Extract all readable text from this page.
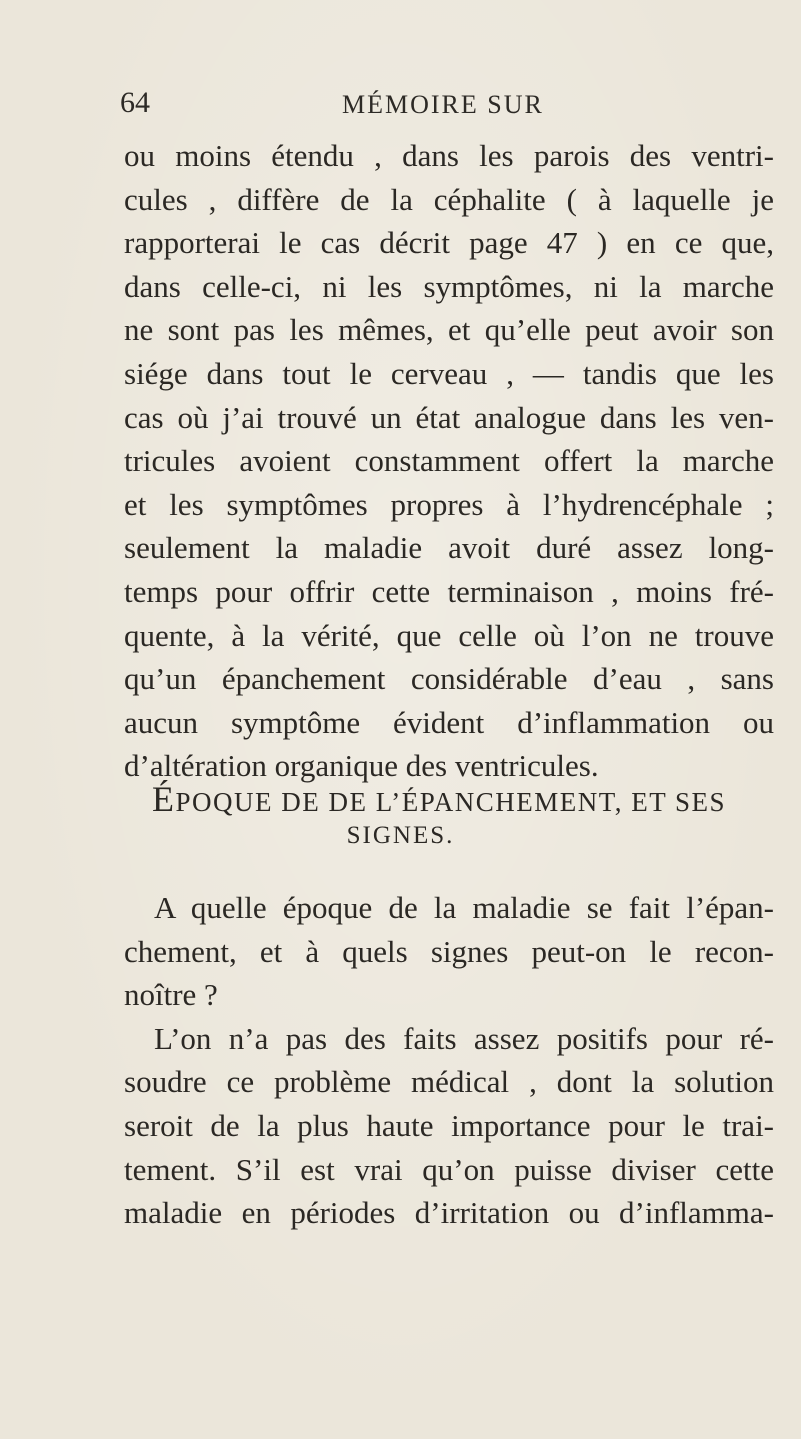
64	MÉMOIRE SUR
ou moins étendu , dans les parois des ventri-
cules , diffère de la céphalite ( à laquelle je
rapporterai le cas décrit page 47 ) en ce que,
dans celle-ci, ni les symptômes, ni la marche
ne sont pas les mêmes, et qu’elle peut avoir son
siége dans tout le cerveau , — tandis que les
cas où j’ai trouvé un état analogue dans les ven-
tricules avoient constamment offert la marche
et les symptômes propres à l’hydrencéphale ;
seulement la maladie avoit duré assez long-
temps pour offrir cette terminaison , moins fré-
quente, à la vérité, que celle où l’on ne trouve
qu’un épanchement considérable d’eau , sans
aucun symptôme évident d’inflammation ou
d’altération organique des ventricules.
ÉPOQUE DE DE L’ÉPANCHEMENT, ET SES
SIGNES.
A quelle époque de la maladie se fait l’épan-
chement, et à quels signes peut-on le recon-
noître ?
L’on n’a pas des faits assez positifs pour ré-
soudre ce problème médical , dont la solution
seroit de la plus haute importance pour le trai-
tement. S’il est vrai qu’on puisse diviser cette
maladie en périodes d’irritation ou d’inflamma-
